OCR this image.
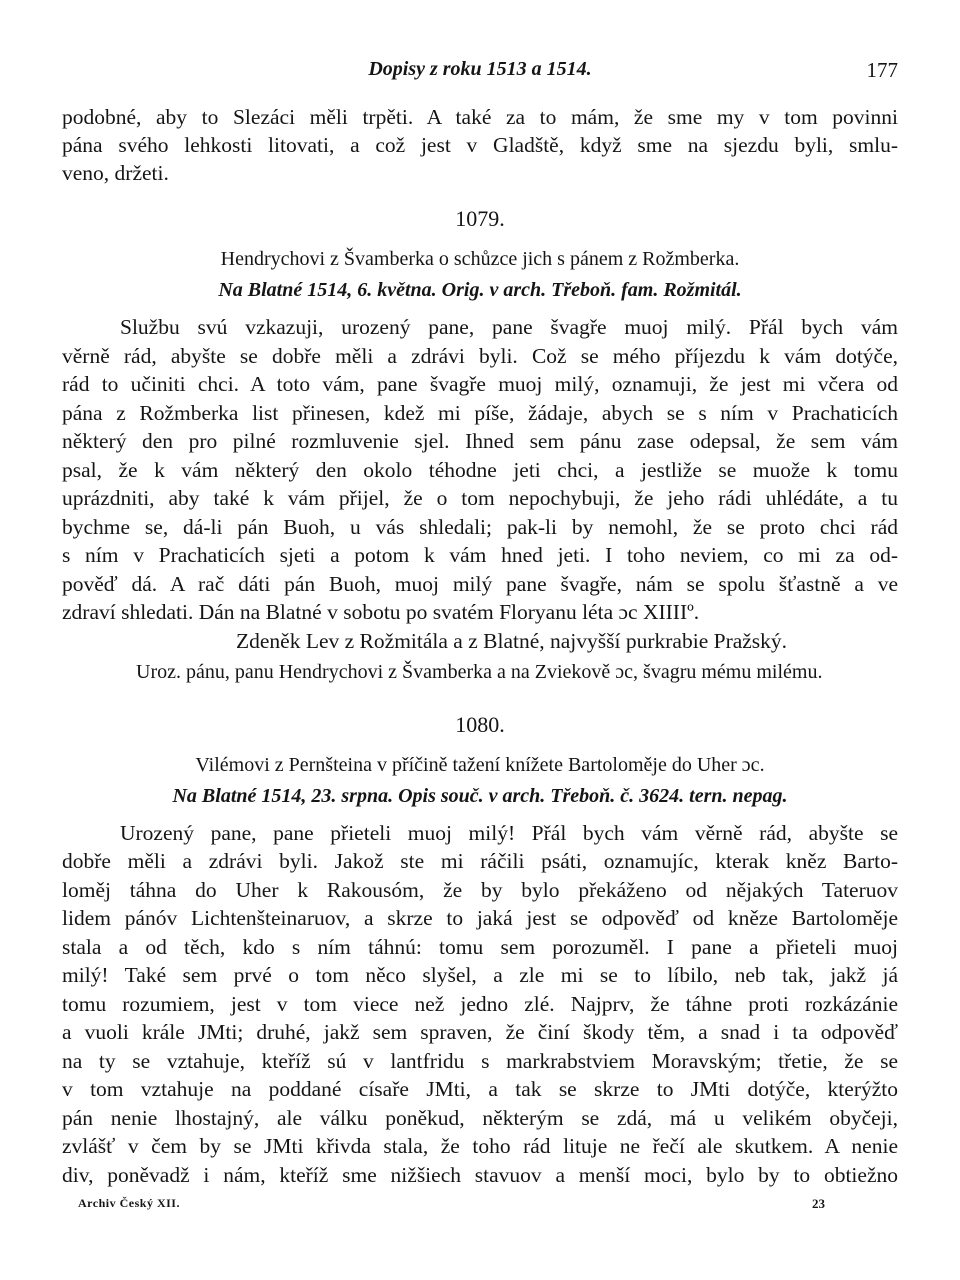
Dopisy z roku 1513 a 1514.	177
podobné, aby to Slezáci měli trpěti. A také za to mám, že sme my v tom povinni
pána svého lehkosti litovati, a což jest v Gladště, když sme na sjezdu byli, smlu-
veno, držeti.
1079.
Hendrychovi z Švamberka o schůzce jich s pánem z Rožmberka.
Na Blatné 1514, 6. května. Orig. v arch. Třeboň. fam. Rožmitál.
Službu svú vzkazuji, urozený pane, pane švagře muoj milý. Přál bych vám
věrně rád, abyšte se dobře měli a zdrávi byli. Což se mého příjezdu k vám dotýče,
rád to učiniti chci. A toto vám, pane švagře muoj milý, oznamuji, že jest mi včera od
pána z Rožmberka list přinesen, kdež mi píše, žádaje, abych se s ním v Prachaticích
některý den pro pilné rozmluvenie sjel. Ihned sem pánu zase odepsal, že sem vám
psal, že k vám některý den okolo téhodne jeti chci, a jestliže se muože k tomu
uprázdniti, aby také k vám přijel, že o tom nepochybuji, že jeho rádi uhlédáte, a tu
bychme se, dá-li pán Buoh, u vás shledali; pak-li by nemohl, že se proto chci rád
s ním v Prachaticích sjeti a potom k vám hned jeti. I toho neviem, co mi za od-
pověď dá. A rač dáti pán Buoh, muoj milý pane švagře, nám se spolu šťastně a ve
zdraví shledati. Dán na Blatné v sobotu po svatém Floryanu léta ɔc XIIIIº.
Zdeněk Lev z Rožmitála a z Blatné, najvyšší purkrabie Pražský.
Uroz. pánu, panu Hendrychovi z Švamberka a na Zviekově ɔc, švagru mému milému.
1080.
Vilémovi z Pernšteina v příčině tažení knížete Bartoloměje do Uher ɔc.
Na Blatné 1514, 23. srpna. Opis souč. v arch. Třeboň. č. 3624. tern. nepag.
Urozený pane, pane přieteli muoj milý! Přál bych vám věrně rád, abyšte se
dobře měli a zdrávi byli. Jakož ste mi ráčili psáti, oznamujíc, kterak kněz Barto-
loměj táhna do Uher k Rakousóm, že by bylo překáženo od nějakých Tateruov
lidem pánóv Lichtenšteinaruov, a skrze to jaká jest se odpověď od kněze Bartoloměje
stala a od těch, kdo s ním táhnú: tomu sem porozuměl. I pane a přieteli muoj
milý! Také sem prvé o tom něco slyšel, a zle mi se to líbilo, neb tak, jakž já
tomu rozumiem, jest v tom viece než jedno zlé. Najprv, že táhne proti rozkázánie
a vuoli krále JMti; druhé, jakž sem spraven, že činí škody těm, a snad i ta odpověď
na ty se vztahuje, kteříž sú v lantfridu s markrabstviem Moravským; třetie, že se
v tom vztahuje na poddané císaře JMti, a tak se skrze to JMti dotýče, kterýžto
pán nenie lhostajný, ale válku poněkud, některým se zdá, má u velikém obyčeji,
zvlášť v čem by se JMti křivda stala, že toho rád lituje ne řečí ale skutkem. A nenie
div, poněvadž i nám, kteříž sme nižšiech stavuov a menší moci, bylo by to obtiežno
Archiv Český XII.	23
